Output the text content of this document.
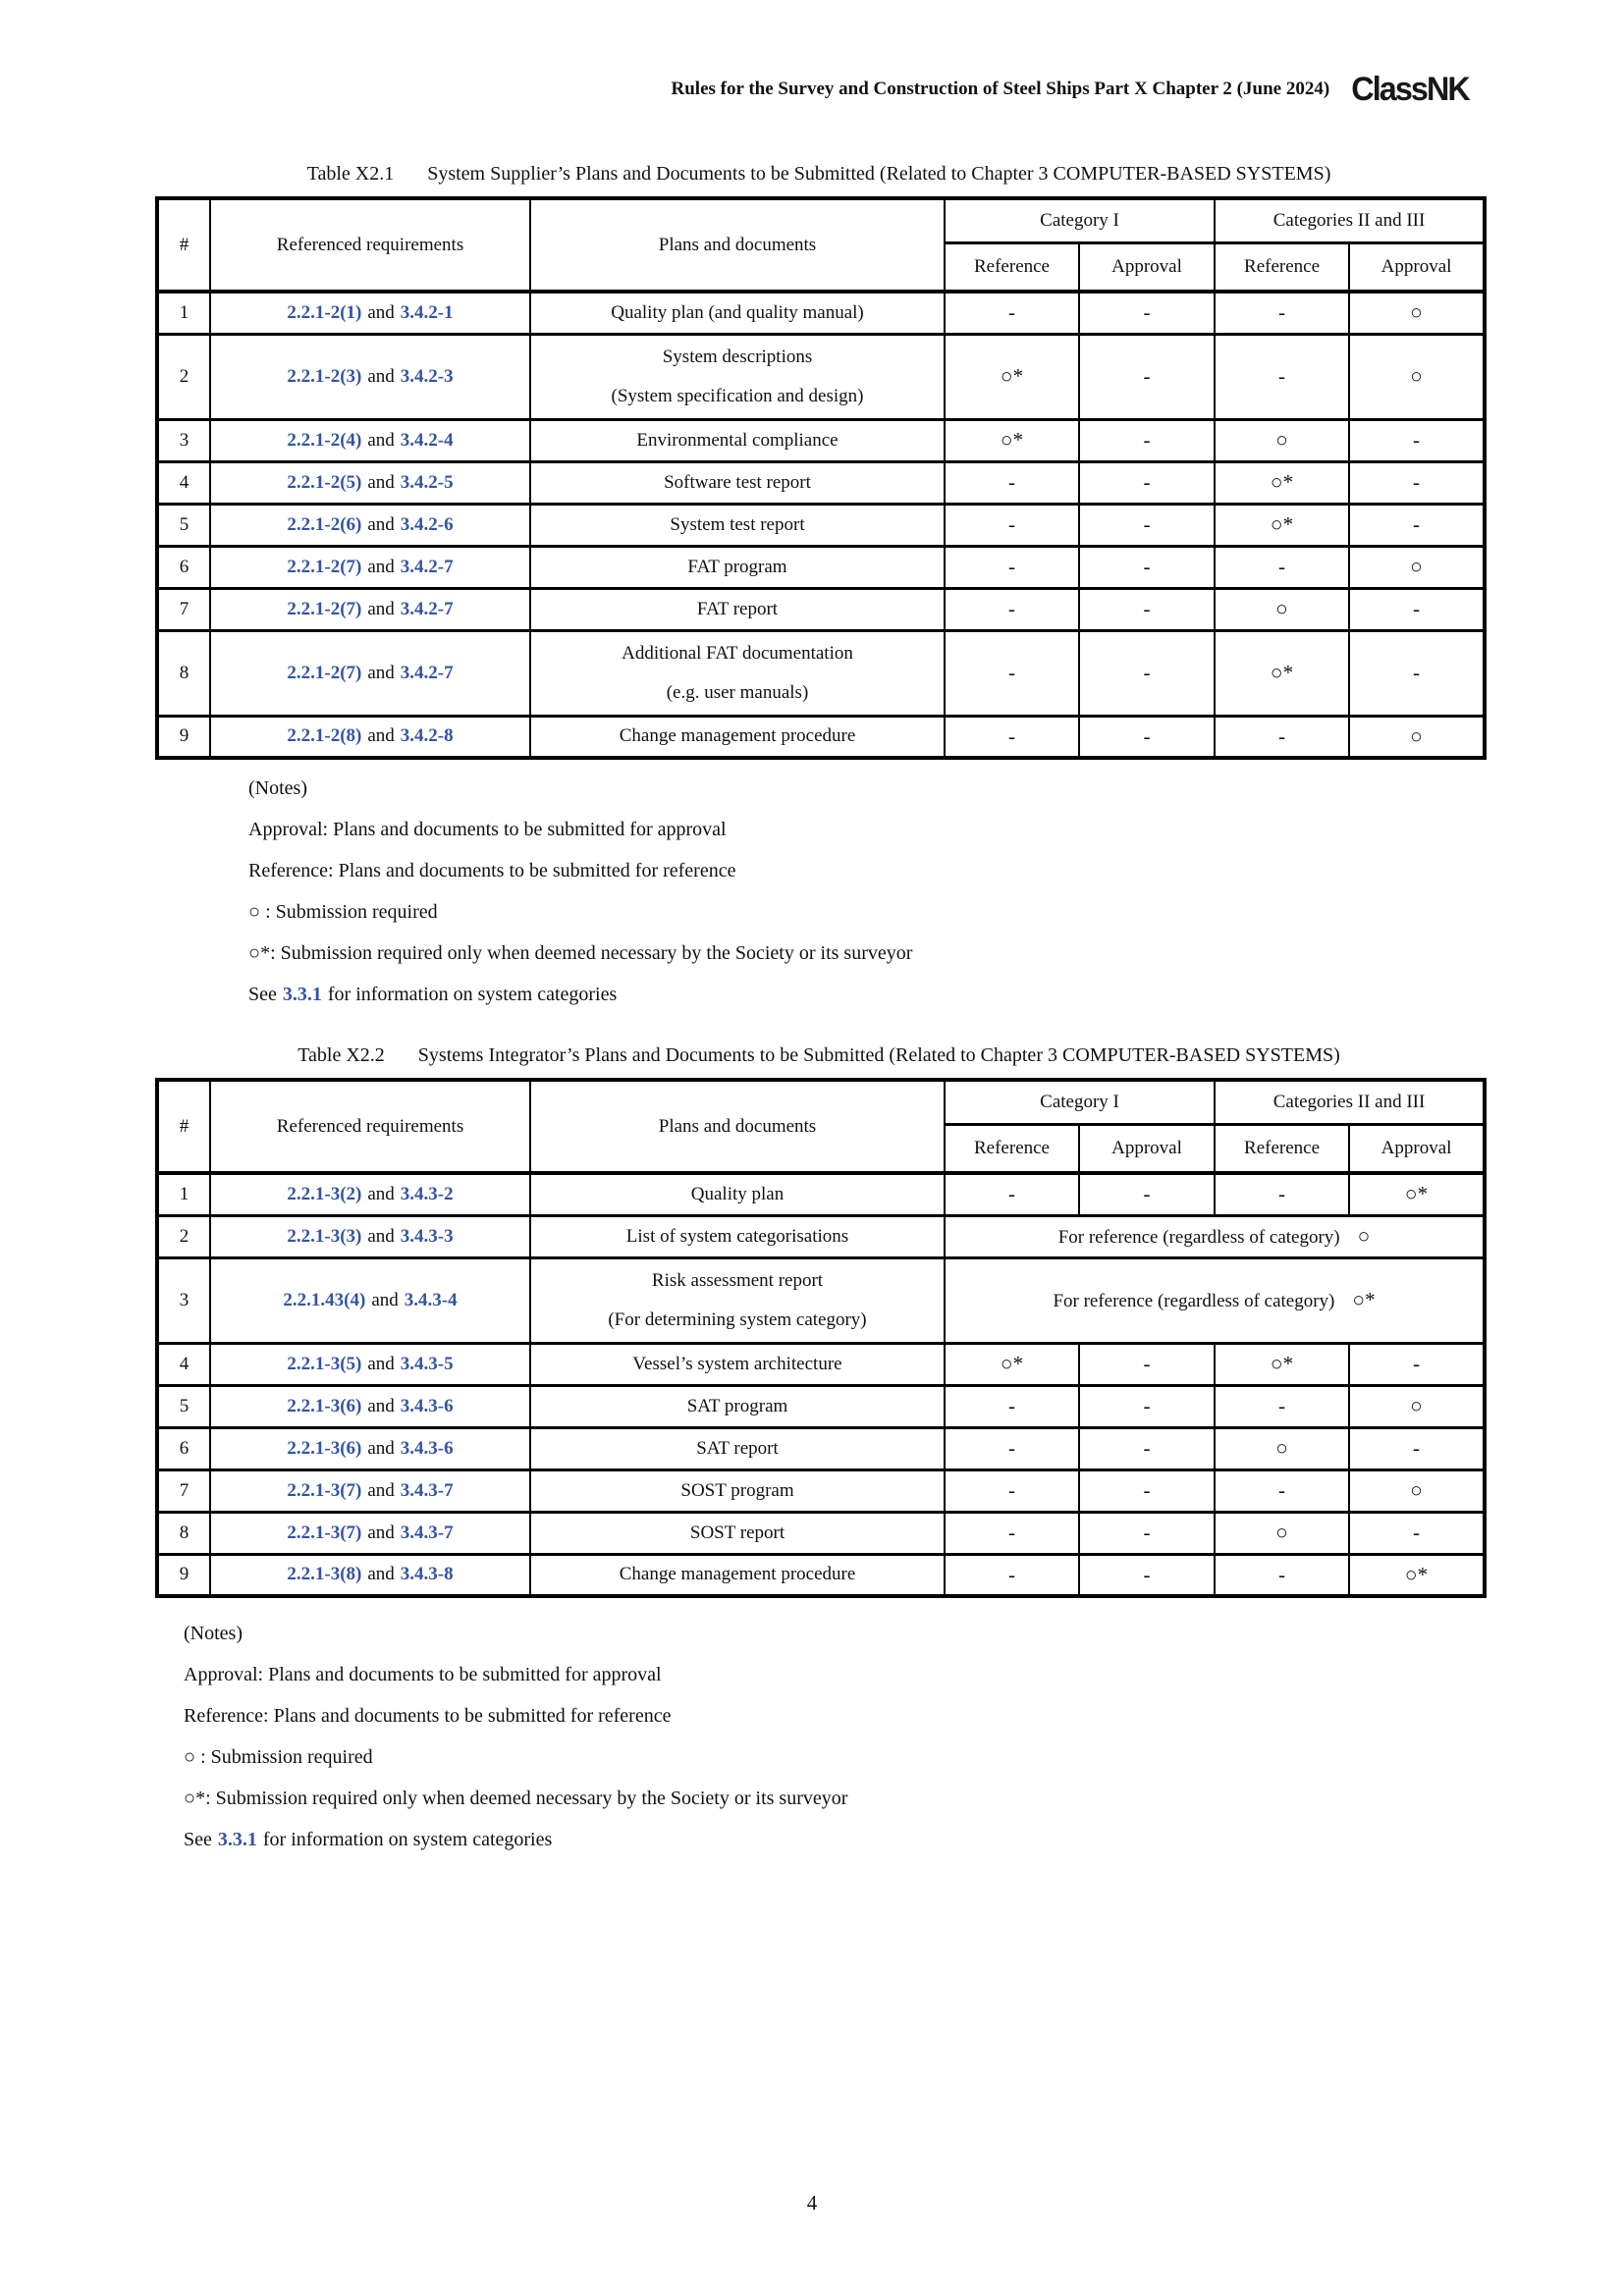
Rules for the Survey and Construction of Steel Ships Part X Chapter 2 (June 2024) ClassNK
Table X2.1 System Supplier’s Plans and Documents to be Submitted (Related to Chapter 3 COMPUTER-BASED SYSTEMS)
#	Referenced requirements	Plans and documents	Category I		Categories II and III	
			Reference	Approval	Reference	Approval
1	2.2.1-2(1) and 3.4.2-1	Quality plan (and quality manual)	-	-	-	○
2	2.2.1-2(3) and 3.4.2-3	System descriptions
(System specification and design)	○*	-	-	○
3	2.2.1-2(4) and 3.4.2-4	Environmental compliance	○*	-	○	-
4	2.2.1-2(5) and 3.4.2-5	Software test report	-	-	○*	-
5	2.2.1-2(6) and 3.4.2-6	System test report	-	-	○*	-
6	2.2.1-2(7) and 3.4.2-7	FAT program	-	-	-	○
7	2.2.1-2(7) and 3.4.2-7	FAT report	-	-	○	-
8	2.2.1-2(7) and 3.4.2-7	Additional FAT documentation
(e.g. user manuals)	-	-	○*	-
9	2.2.1-2(8) and 3.4.2-8	Change management procedure	-	-	-	○
(Notes)
Approval: Plans and documents to be submitted for approval
Reference: Plans and documents to be submitted for reference
○ : Submission required
○*: Submission required only when deemed necessary by the Society or its surveyor
See 3.3.1 for information on system categories
Table X2.2 Systems Integrator’s Plans and Documents to be Submitted (Related to Chapter 3 COMPUTER-BASED SYSTEMS)
#	Referenced requirements	Plans and documents	Category I		Categories II and III	
			Reference	Approval	Reference	Approval
1	2.2.1-3(2) and 3.4.3-2	Quality plan	-	-	-	○*
2	2.2.1-3(3) and 3.4.3-3	List of system categorisations	For reference (regardless of category) ○			
3	2.2.1.43(4) and 3.4.3-4	Risk assessment report
(For determining system category)	For reference (regardless of category) ○*			
4	2.2.1-3(5) and 3.4.3-5	Vessel’s system architecture	○*	-	○*	-
5	2.2.1-3(6) and 3.4.3-6	SAT program	-	-	-	○
6	2.2.1-3(6) and 3.4.3-6	SAT report	-	-	○	-
7	2.2.1-3(7) and 3.4.3-7	SOST program	-	-	-	○
8	2.2.1-3(7) and 3.4.3-7	SOST report	-	-	○	-
9	2.2.1-3(8) and 3.4.3-8	Change management procedure	-	-	-	○*
(Notes)
Approval: Plans and documents to be submitted for approval
Reference: Plans and documents to be submitted for reference
○ : Submission required
○*: Submission required only when deemed necessary by the Society or its surveyor
See 3.3.1 for information on system categories
4
